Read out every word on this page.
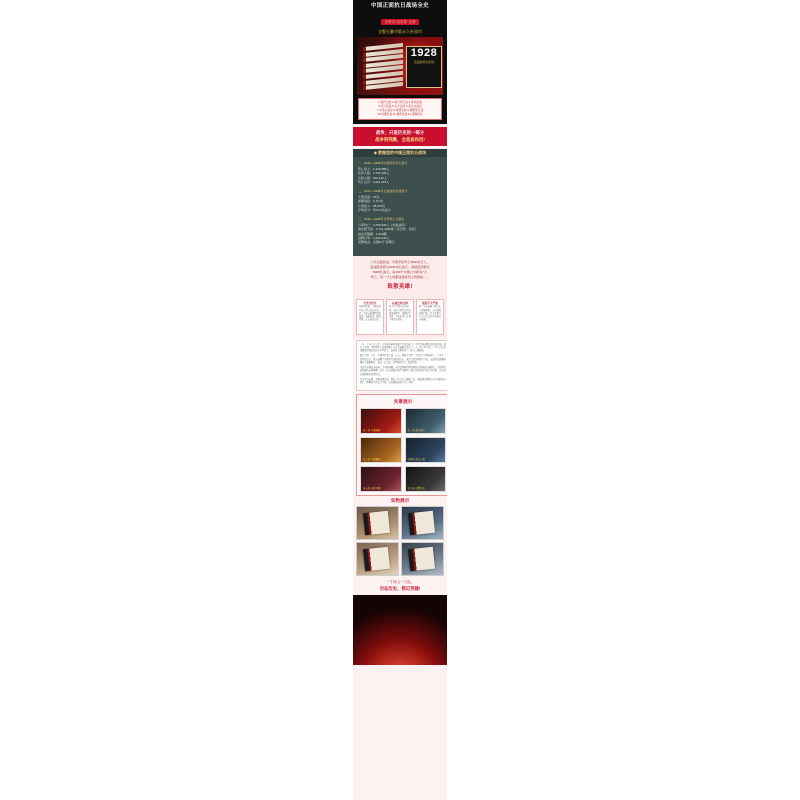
中国正面抗日战场全史
全景式·纪实性·全套
完整无删节版永久补留市
1928
正面战场全纪实

1·淞沪会战 2·南京保卫战 3·徐州会战

4·武汉会战 5·长沙会战 6·昆仑关战役

7·中条山战役 8·常德会战 9·衡阳保卫战

10·桂柳会战 11·湘西会战 12·受降纪实

战争，只是历史的一部分
战争很残酷，全是血和泪!
◆ 数据里的中国正面抗日战场
一、1937—1945年中国军队伤亡统计
阵亡将士：1,319,958人
负伤人数：1,761,335人
失踪人数：130,126人
伤亡总计：3,211,419人
二、1937—1945年正面战场会战统计
大型会战：22次
重要战役：1,117次
小型战斗：38,931次
平均每天：约12.6次战斗
三、1937—1945年日军伤亡与损失
日军伤亡：1,055,000人（中国战场）
被击毁飞机：2,711,4186架（含击伤、俘获）
被击沉舰艇：1,623艘
投降日军：1,283,240人
受降地点：全国16个受降区

八年全面抗战，中国军民伤亡3500余万人，

直接经济损失1000多亿美元，间接经济损失

5000亿美元，每100个中国人中就有7人

伤亡，每一寸土地都浸透着烈士的鲜血……

致敬英雄!
全景式纪实
以时间为轴，完整还原22次大型会战的全过程，从战前部署到战役结局，层层递进，脉络清晰，读来如临其境。
权威史料支撑
参考中日双方战史档案、亲历者回忆录及海量战地照片，数据详实可靠，力求客观公正地呈现历史原貌。
通俗不失严谨
语言生动流畅，既有宏大战略视野，又有细腻战场白描，适合普通读者与历史爱好者系统阅读收藏。

一九三七年七月七日，卢沟桥的枪声划破了华北的夜空，中华民族全面抗战由此开始。此后八年间，中国军队在正面战场上与日本侵略者进行了二十二次大型会战、一千一百余次重要战役和近四万次小型战斗，以血肉之躯筑起了一道又一道防线。

淞沪会战三个月，中国军队伤亡逾三十万，粉碎了日军三个月灭亡中国的狂言；台儿庄一役歼敌万余，极大鼓舞了全国军民的抗战信心；武汉会战历时四个半月，使抗战由战略防御转入战略相持；长沙三次会战，日军屡攻不克，损兵折将。

本套书以翔实的史料、生动的笔触，全景式再现中国正面抗日战场的壮阔图景。书中既写统帅部的运筹帷幄，也写士兵在战壕中的生死瞬间；既有对战役得失的冷静分析，也有对民族精神的深情礼赞。

历史不容忘却，英雄必须铭记。愿每一位读者在翻阅之际，都能感受到那个年代的炽热与悲壮，理解和平的来之不易，从而更加珍视今日之中国。

实景展示
第一卷 全面爆发	第二卷 淞沪烽火
第三卷 中原鏖战	第四卷 长沙会战
第五卷 远征印缅	第六卷 受降纪实
实物展示
一寸河山一寸血，
勿忘历史，铭记英雄!
